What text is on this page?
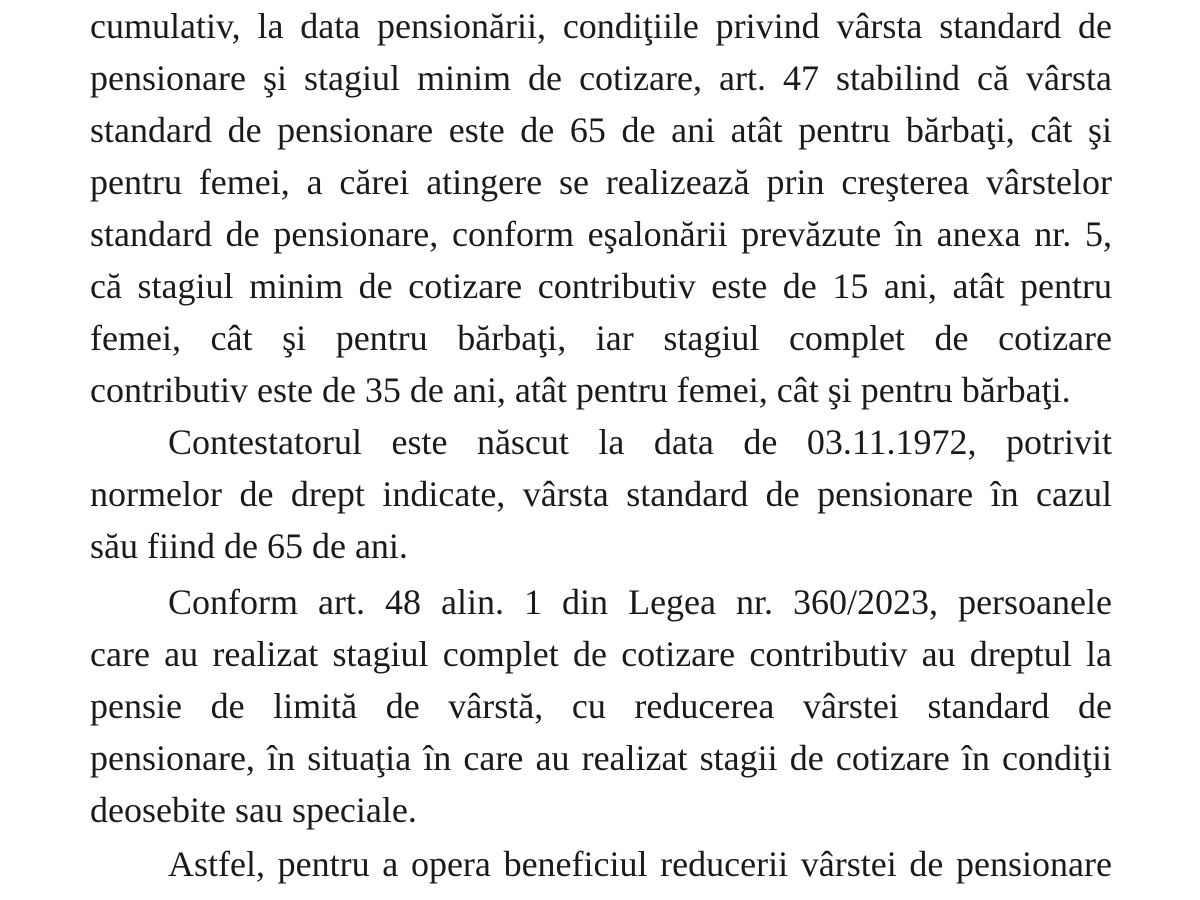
cumulativ, la data pensionării, condiţiile privind vârsta standard de
pensionare şi stagiul minim de cotizare, art. 47 stabilind că vârsta
standard de pensionare este de 65 de ani atât pentru bărbaţi, cât şi
pentru femei, a cărei atingere se realizează prin creşterea vârstelor
standard de pensionare, conform eşalonării prevăzute în anexa nr. 5,
că stagiul minim de cotizare contributiv este de 15 ani, atât pentru
femei, cât şi pentru bărbaţi, iar stagiul complet de cotizare
contributiv este de 35 de ani, atât pentru femei, cât şi pentru bărbaţi.
Contestatorul este născut la data de 03.11.1972, potrivit
normelor de drept indicate, vârsta standard de pensionare în cazul
său fiind de 65 de ani.
Conform art. 48 alin. 1 din Legea nr. 360/2023, persoanele
care au realizat stagiul complet de cotizare contributiv au dreptul la
pensie de limită de vârstă, cu reducerea vârstei standard de
pensionare, în situaţia în care au realizat stagii de cotizare în condiţii
deosebite sau speciale.
Astfel, pentru a opera beneficiul reducerii vârstei de pensionare
